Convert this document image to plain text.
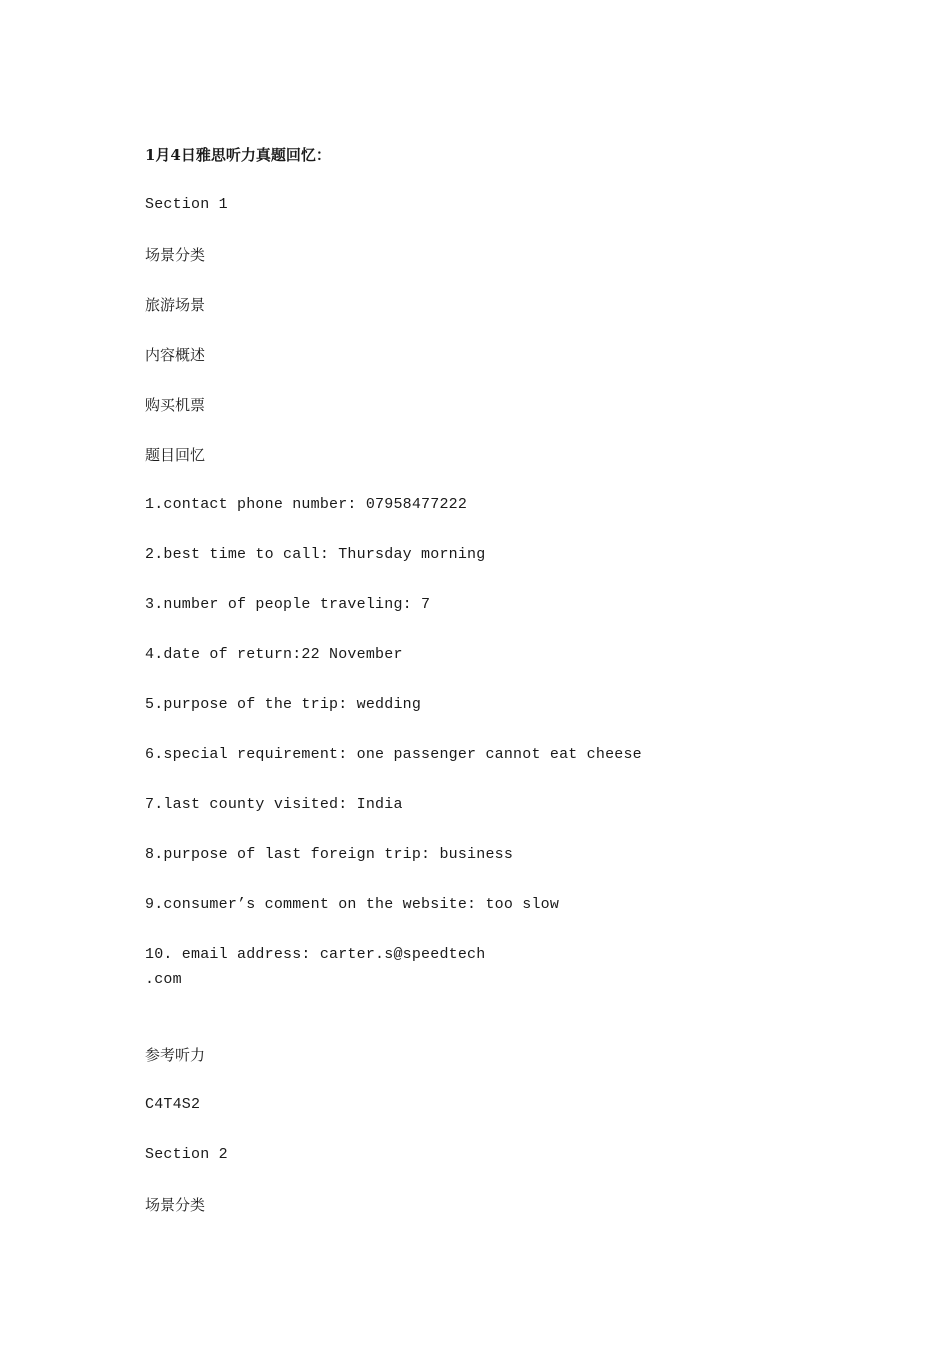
1月4日雅思听力真题回忆：

Section 1

场景分类

旅游场景

内容概述

购买机票

题目回忆

1.contact phone number: 07958477222

2.best time to call: Thursday morning

3.number of people traveling: 7

4.date of return:22 November

5.purpose of the trip: wedding

6.special requirement: one passenger cannot eat cheese

7.last county visited: India

8.purpose of last foreign trip: business

9.consumer’s comment on the website: too slow

10. email address: carter.s@speedtech

.com

参考听力

C4T4S2

Section 2

场景分类
